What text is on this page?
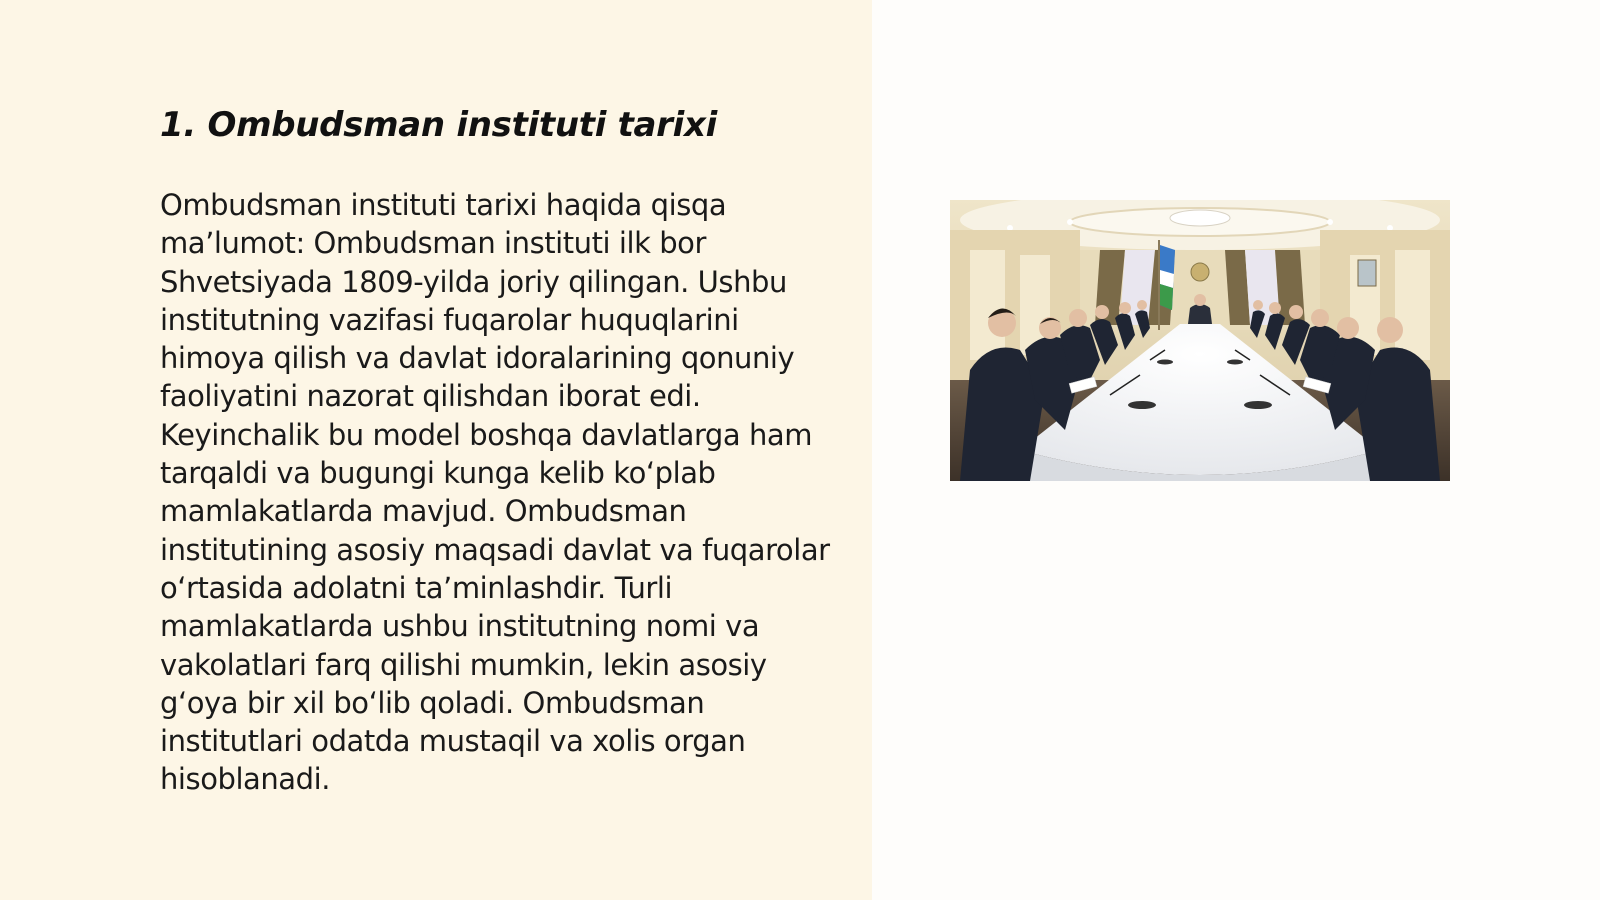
1. Ombudsman instituti tarixi

Ombudsman instituti tarixi haqida qisqa ma’lumot: Ombudsman instituti ilk bor Shvetsiyada 1809-yilda joriy qilingan. Ushbu institutning vazifasi fuqarolar huquqlarini himoya qilish va davlat idoralarining qonuniy faoliyatini nazorat qilishdan iborat edi. Keyinchalik bu model boshqa davlatlarga ham tarqaldi va bugungi kunga kelib ko‘plab mamlakatlarda mavjud. Ombudsman institutining asosiy maqsadi davlat va fuqarolar o‘rtasida adolatni ta’minlashdir. Turli mamlakatlarda ushbu institutning nomi va vakolatlari farq qilishi mumkin, lekin asosiy g‘oya bir xil bo‘lib qoladi. Ombudsman institutlari odatda mustaqil va xolis organ hisoblanadi.
